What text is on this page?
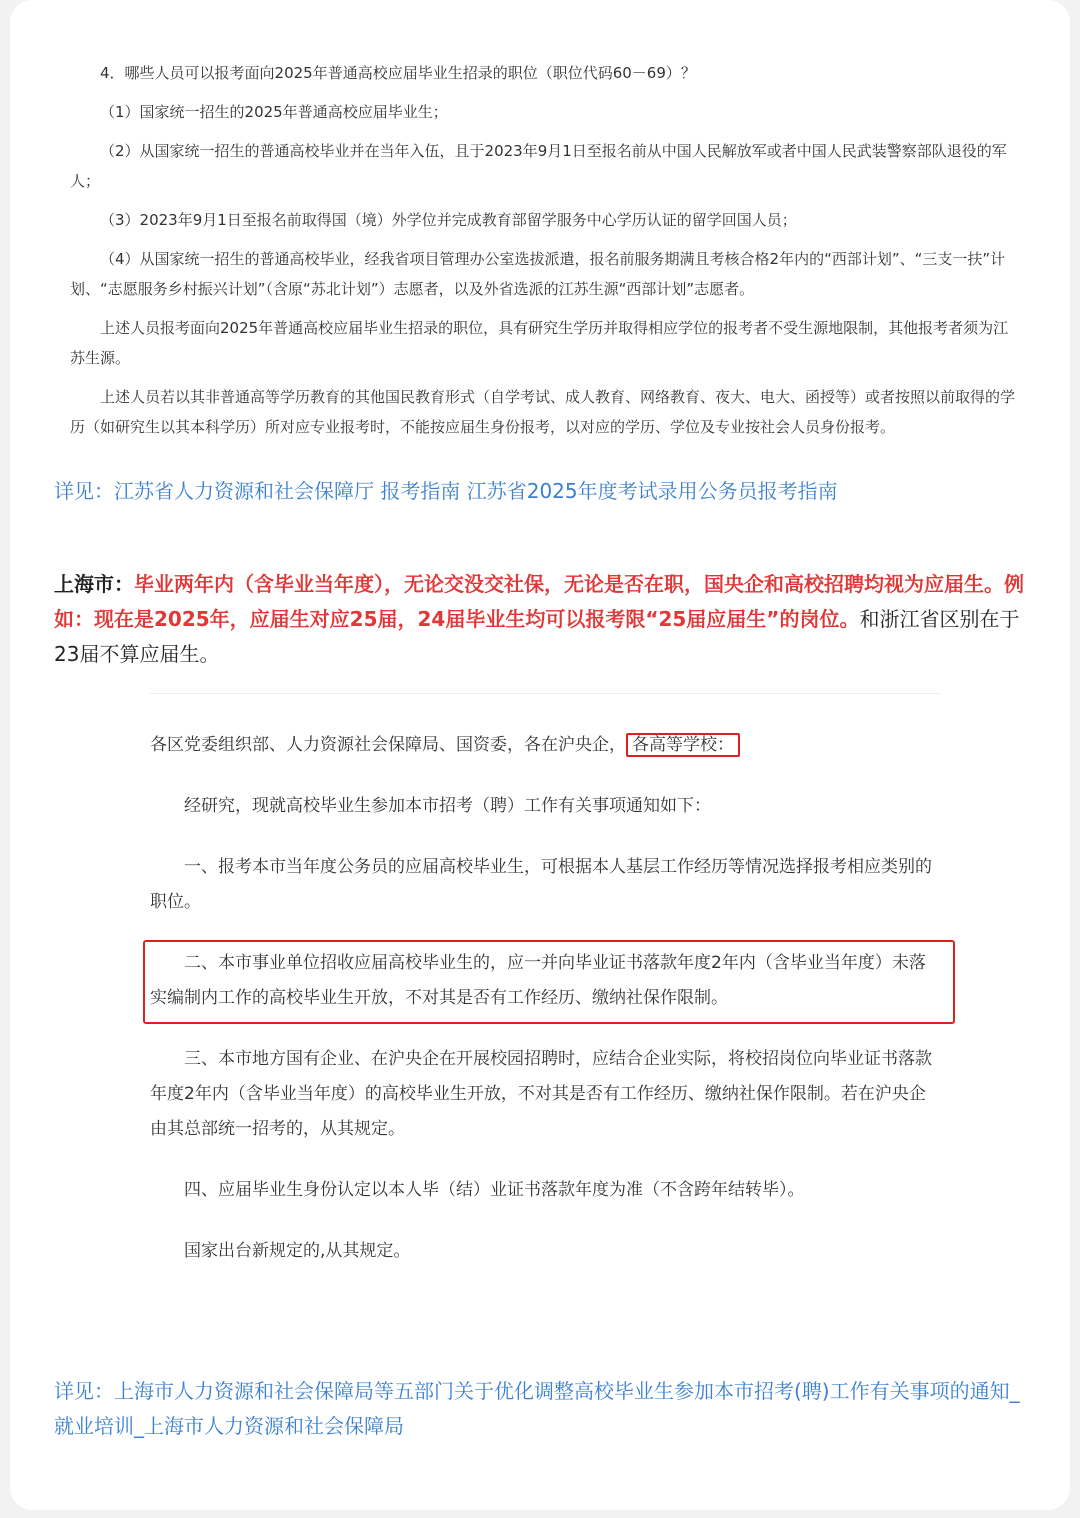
4．哪些人员可以报考面向2025年普通高校应届毕业生招录的职位（职位代码60－69）？

（1）国家统一招生的2025年普通高校应届毕业生；

（2）从国家统一招生的普通高校毕业并在当年入伍，且于2023年9月1日至报名前从中国人民解放军或者中国人民武装警察部队退役的军人；

（3）2023年9月1日至报名前取得国（境）外学位并完成教育部留学服务中心学历认证的留学回国人员；

（4）从国家统一招生的普通高校毕业，经我省项目管理办公室选拔派遣，报名前服务期满且考核合格2年内的“西部计划”、“三支一扶”计划、“志愿服务乡村振兴计划”（含原“苏北计划”）志愿者，以及外省选派的江苏生源“西部计划”志愿者。

上述人员报考面向2025年普通高校应届毕业生招录的职位，具有研究生学历并取得相应学位的报考者不受生源地限制，其他报考者须为江苏生源。

上述人员若以其非普通高等学历教育的其他国民教育形式（自学考试、成人教育、网络教育、夜大、电大、函授等）或者按照以前取得的学历（如研究生以其本科学历）所对应专业报考时，不能按应届生身份报考，以对应的学历、学位及专业按社会人员身份报考。

详见：江苏省人力资源和社会保障厅 报考指南 江苏省2025年度考试录用公务员报考指南
上海市：毕业两年内（含毕业当年度），无论交没交社保，无论是否在职，国央企和高校招聘均视为应届生。例如：现在是2025年，应届生对应25届，24届毕业生均可以报考限“25届应届生”的岗位。和浙江省区别在于23届不算应届生。

各区党委组织部、人力资源社会保障局、国资委，各在沪央企， 各高等学校：

经研究，现就高校毕业生参加本市招考（聘）工作有关事项通知如下：

一、报考本市当年度公务员的应届高校毕业生，可根据本人基层工作经历等情况选择报考相应类别的职位。

二、本市事业单位招收应届高校毕业生的，应一并向毕业证书落款年度2年内（含毕业当年度）未落实编制内工作的高校毕业生开放，不对其是否有工作经历、缴纳社保作限制。

三、本市地方国有企业、在沪央企在开展校园招聘时，应结合企业实际，将校招岗位向毕业证书落款年度2年内（含毕业当年度）的高校毕业生开放，不对其是否有工作经历、缴纳社保作限制。若在沪央企由其总部统一招考的，从其规定。

四、应届毕业生身份认定以本人毕（结）业证书落款年度为准（不含跨年结转毕）。

国家出台新规定的,从其规定。

详见：上海市人力资源和社会保障局等五部门关于优化调整高校毕业生参加本市招考(聘)工作有关事项的通知_就业培训_上海市人力资源和社会保障局
